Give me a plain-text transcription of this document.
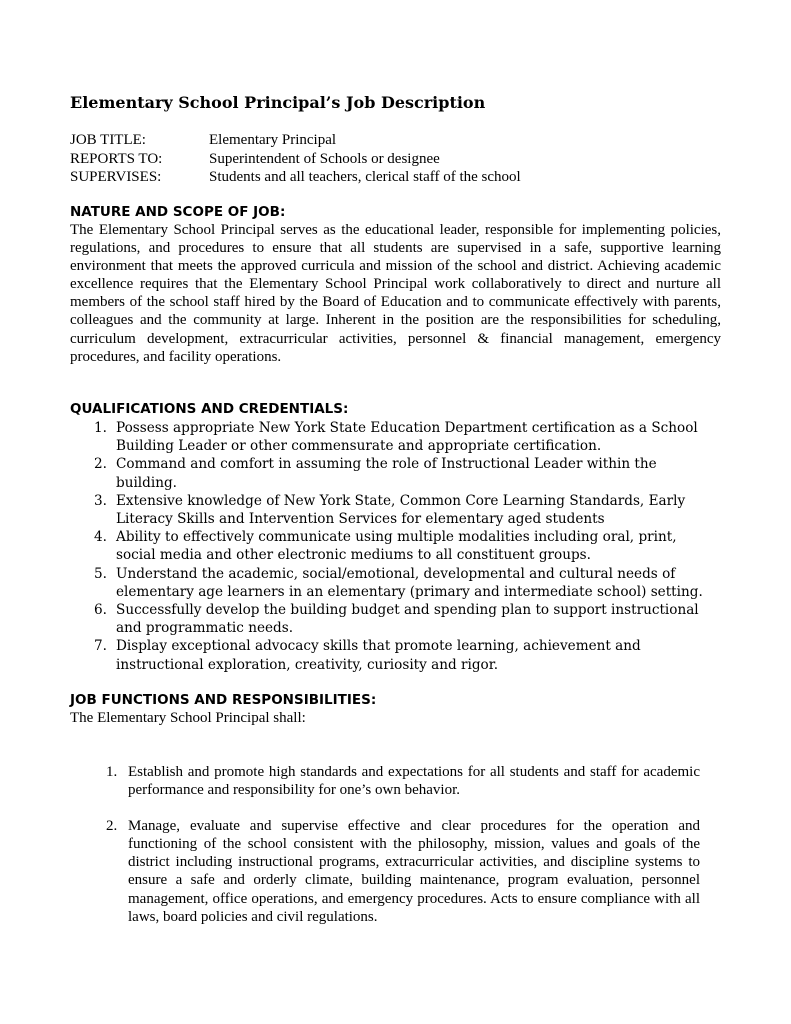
Elementary School Principal’s Job Description
JOB TITLE:	Elementary Principal
REPORTS TO:	Superintendent of Schools or designee
SUPERVISES:	Students and all teachers, clerical staff of the school
NATURE AND SCOPE OF JOB:
The Elementary School Principal serves as the educational leader, responsible for implementing policies, regulations, and procedures to ensure that all students are supervised in a safe, supportive learning environment that meets the approved curricula and mission of the school and district. Achieving academic excellence requires that the Elementary School Principal work collaboratively to direct and nurture all members of the school staff hired by the Board of Education and to communicate effectively with parents, colleagues and the community at large. Inherent in the position are the responsibilities for scheduling, curriculum development, extracurricular activities, personnel & financial management, emergency procedures, and facility operations.
QUALIFICATIONS AND CREDENTIALS:
1. Possess appropriate New York State Education Department certification as a School Building Leader or other commensurate and appropriate certification.
2. Command and comfort in assuming the role of Instructional Leader within the building.
3. Extensive knowledge of New York State, Common Core Learning Standards, Early Literacy Skills and Intervention Services for elementary aged students
4. Ability to effectively communicate using multiple modalities including oral, print, social media and other electronic mediums to all constituent groups.
5. Understand the academic, social/emotional, developmental and cultural needs of elementary age learners in an elementary (primary and intermediate school) setting.
6. Successfully develop the building budget and spending plan to support instructional and programmatic needs.
7. Display exceptional advocacy skills that promote learning, achievement and instructional exploration, creativity, curiosity and rigor.
JOB FUNCTIONS AND RESPONSIBILITIES:
The Elementary School Principal shall:
1. Establish and promote high standards and expectations for all students and staff for academic performance and responsibility for one’s own behavior.
2. Manage, evaluate and supervise effective and clear procedures for the operation and functioning of the school consistent with the philosophy, mission, values and goals of the district including instructional programs, extracurricular activities, and discipline systems to ensure a safe and orderly climate, building maintenance, program evaluation, personnel management, office operations, and emergency procedures. Acts to ensure compliance with all laws, board policies and civil regulations.
